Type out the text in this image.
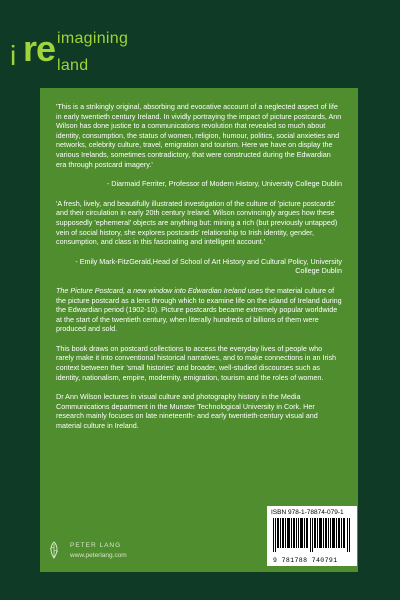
i re imagining
land

'This is a strikingly original, absorbing and evocative account of a neglected aspect of life in early twentieth century Ireland. In vividly portraying the impact of picture postcards, Ann Wilson has done justice to a communications revolution that revealed so much about identity, consumption, the status of women, religion, humour, politics, social anxieties and networks, celebrity culture, travel, emigration and tourism. Here we have on display the various Irelands, sometimes contradictory, that were constructed during the Edwardian era through postcard imagery.'

- Diarmaid Ferriter, Professor of Modern History, University College Dublin

'A fresh, lively, and beautifully illustrated investigation of the culture of 'picture postcards' and their circulation in early 20th century Ireland. Wilson convincingly argues how these supposedly 'ephemeral' objects are anything but: mining a rich (but previously untapped) vein of social history, she explores postcards' relationship to Irish identity, gender, consumption, and class in this fascinating and intelligent account.'

- Emily Mark-FitzGerald,Head of School of Art History and Cultural Policy, University College Dublin

The Picture Postcard, a new window into Edwardian Ireland uses the material culture of the picture postcard as a lens through which to examine life on the island of Ireland during the Edwardian period (1902-10). Picture postcards became extremely popular worldwide at the start of the twentieth century, when literally hundreds of billions of them were produced and sold.

This book draws on postcard collections to access the everyday lives of people who rarely make it into conventional historical narratives, and to make connections in an Irish context between their 'small histories' and broader, well-studied discourses such as identity, nationalism, empire, modernity, emigration, tourism and the roles of women.

Dr Ann Wilson lectures in visual culture and photography history in the Media Communications department in the Munster Technological University in Cork. Her research mainly focuses on late nineteenth- and early twentieth-century visual and material culture in Ireland.

PETER LANG
www.peterlang.com
ISBN 978-1-78874-079-1
9 781788 740791
